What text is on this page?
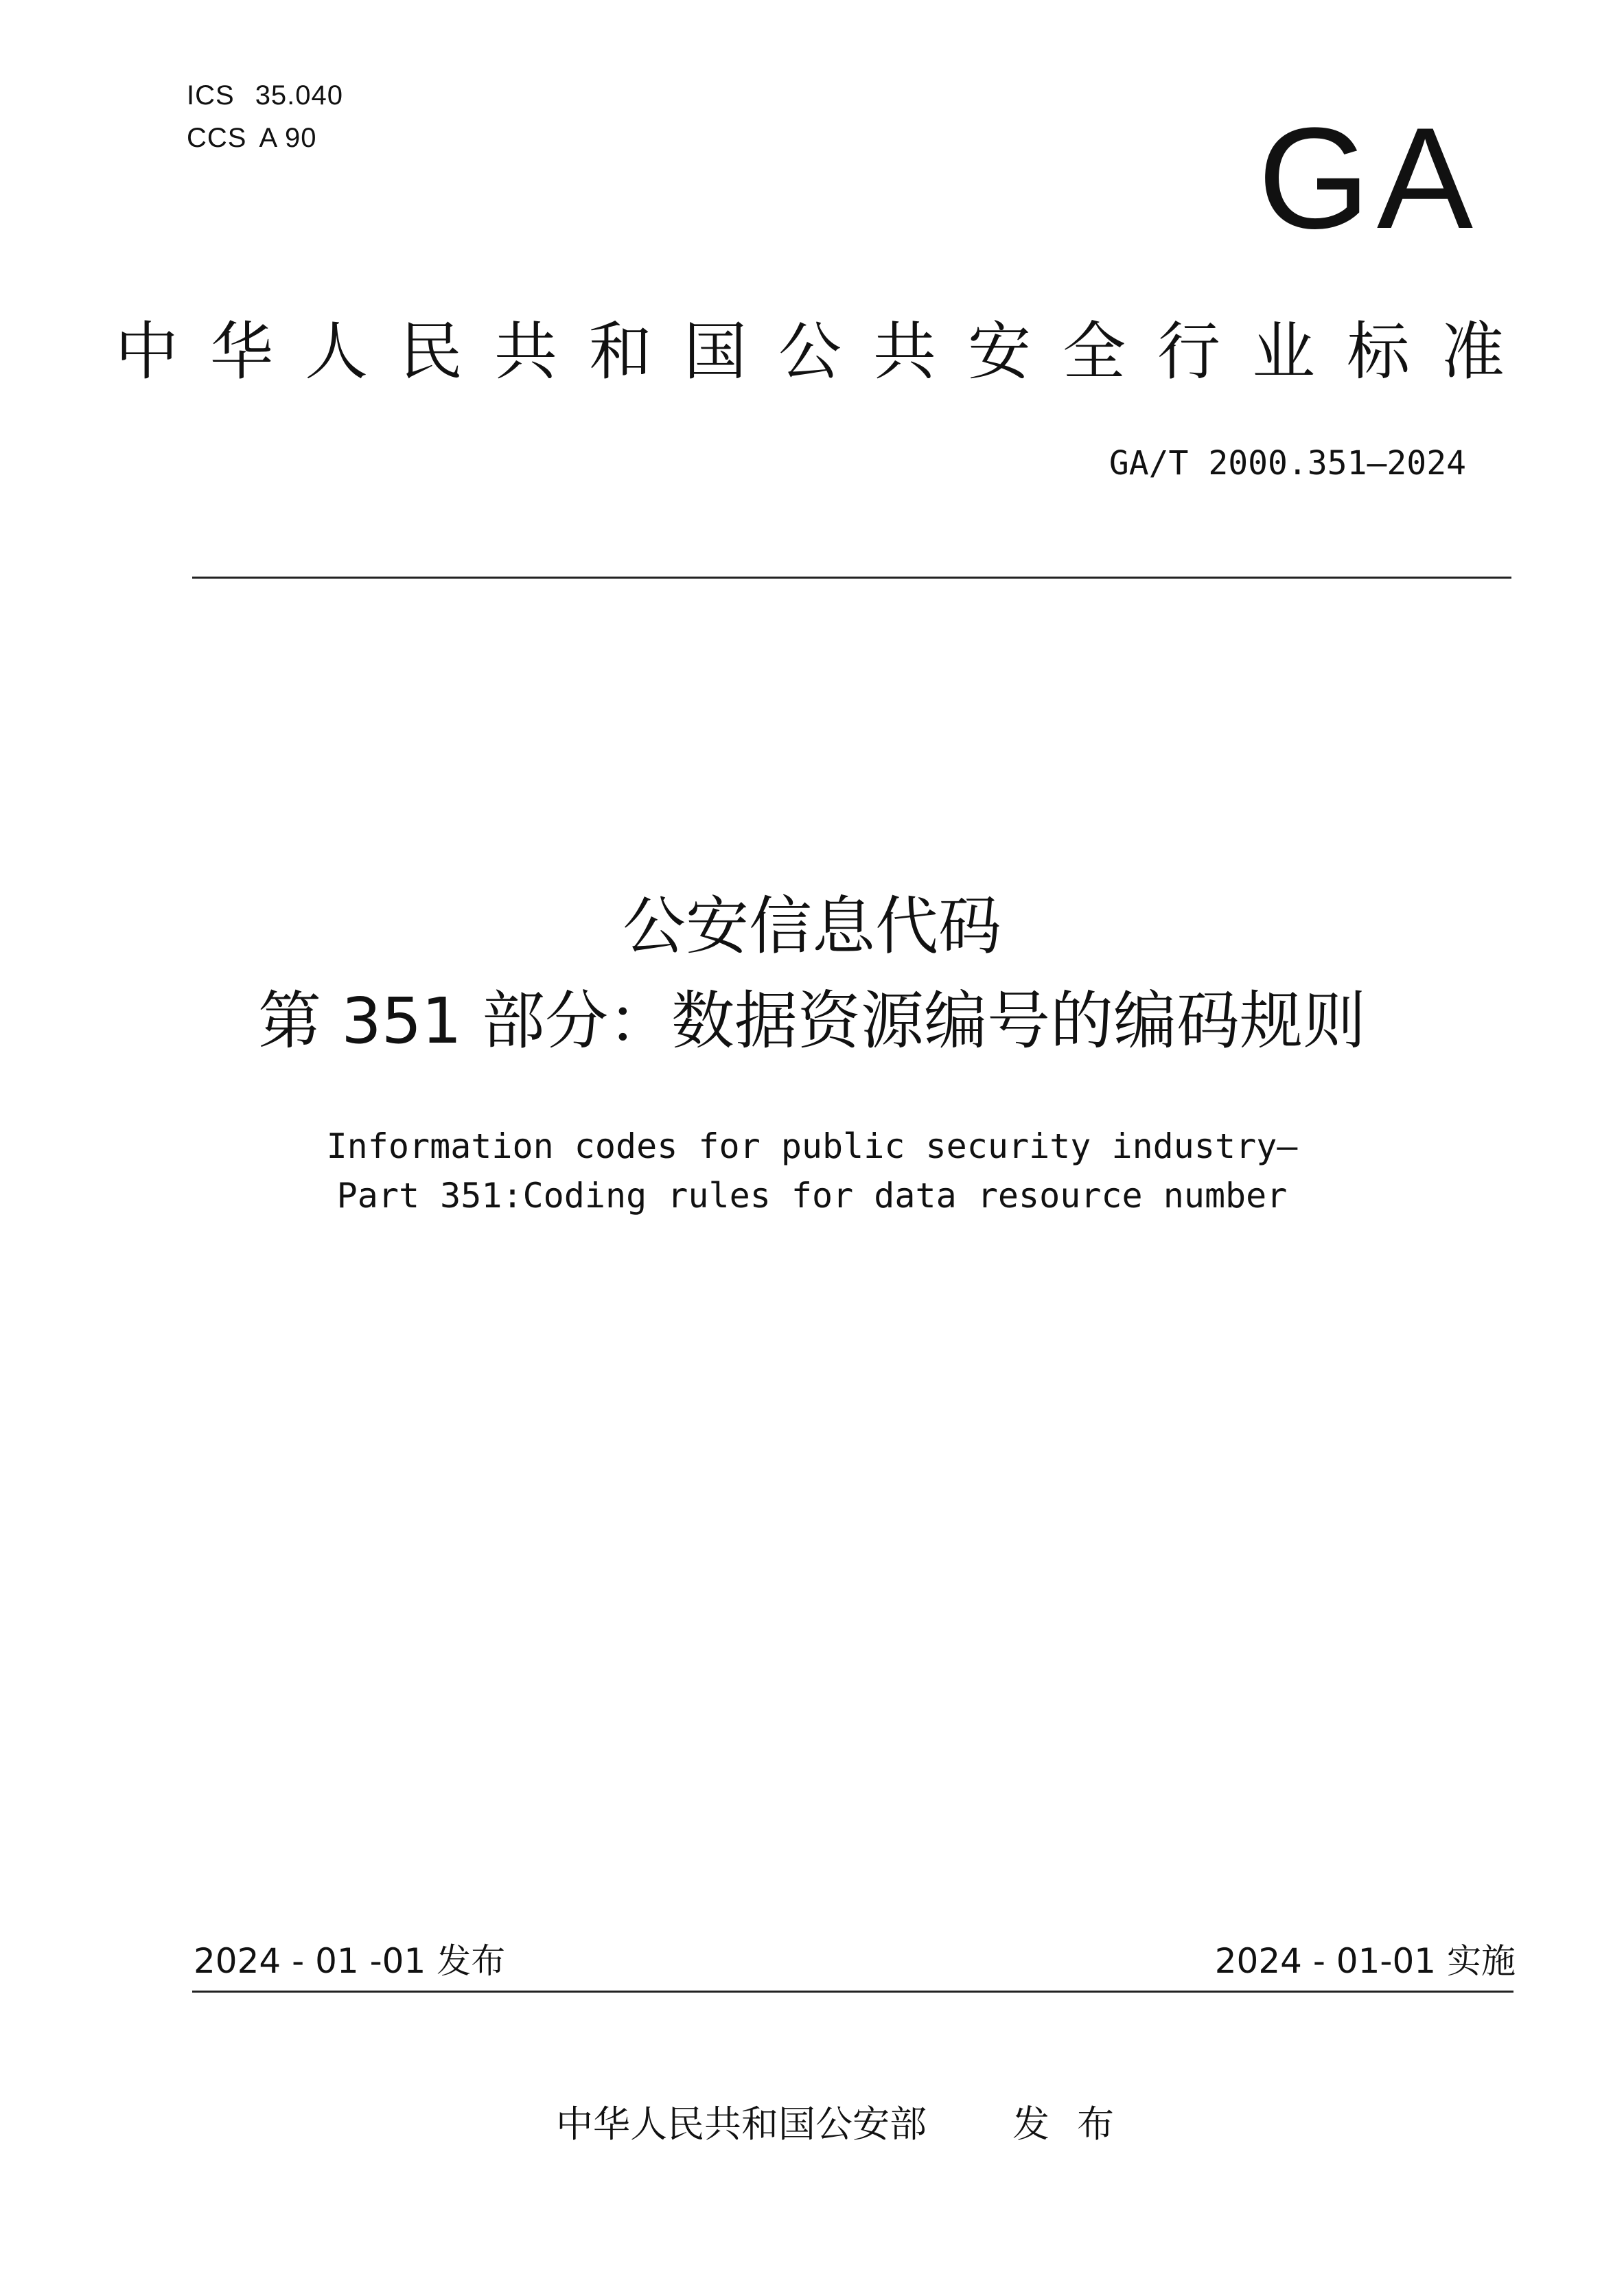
ICS 35.040
CCS A 90	GA
中华人民共和国公共安全行业标准
GA/T 2000.351—2024
公安信息代码
第 351 部分：数据资源编号的编码规则
Information codes for public security industry—
Part 351:Coding rules for data resource number
2024 - 01 -01 发布	2024 - 01-01 实施
中华人民共和国公安部 发布
